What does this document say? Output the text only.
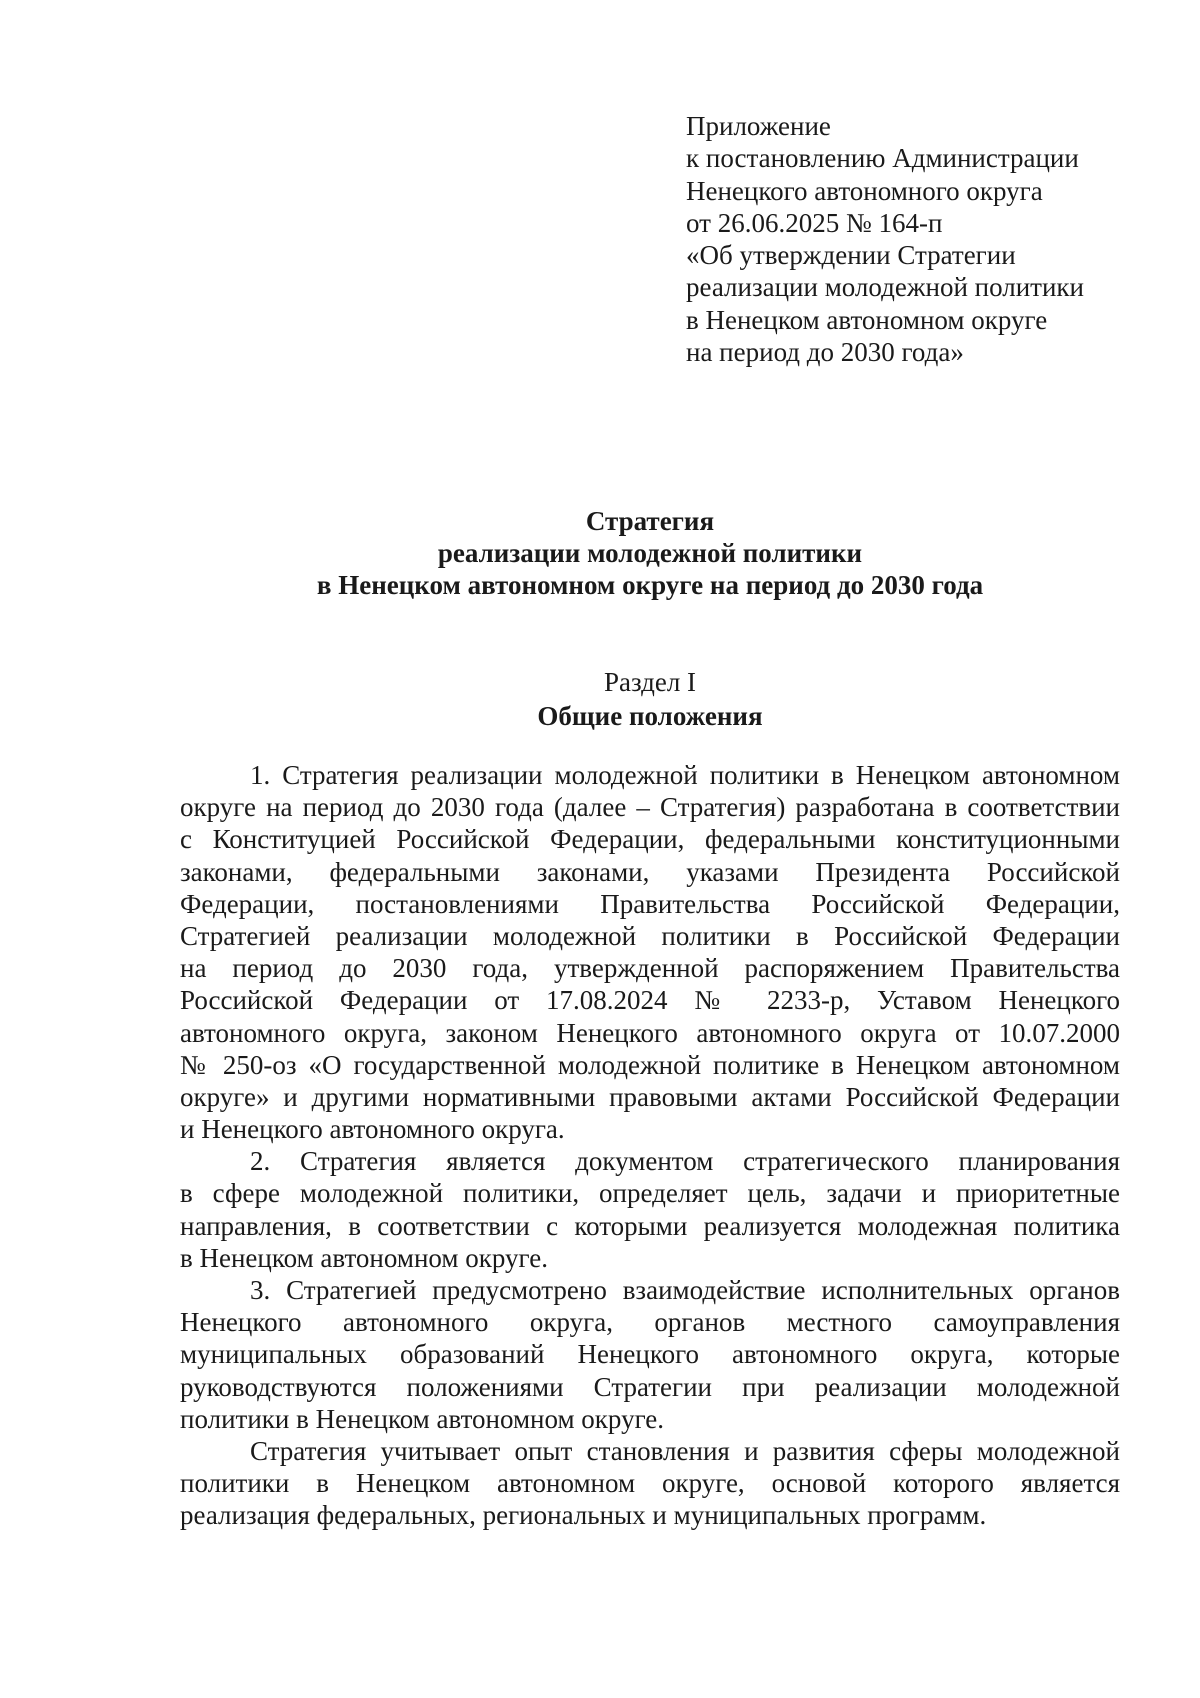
Приложение
к постановлению Администрации
Ненецкого автономного округа
от 26.06.2025 № 164-п
«Об утверждении Стратегии
реализации молодежной политики
в Ненецком автономном округе
на период до 2030 года»
Стратегия
реализации молодежной политики
в Ненецком автономном округе на период до 2030 года
Раздел I
Общие положения
1. Стратегия реализации молодежной политики в Ненецком автономном
округе на период до 2030 года (далее – Стратегия) разработана в соответствии
с Конституцией Российской Федерации, федеральными конституционными
законами, федеральными законами, указами Президента Российской
Федерации, постановлениями Правительства Российской Федерации,
Стратегией реализации молодежной политики в Российской Федерации
на период до 2030 года, утвержденной распоряжением Правительства
Российской Федерации от 17.08.2024 № 2233-р, Уставом Ненецкого
автономного округа, законом Ненецкого автономного округа от 10.07.2000
№ 250-оз «О государственной молодежной политике в Ненецком автономном
округе» и другими нормативными правовыми актами Российской Федерации
и Ненецкого автономного округа.
2. Стратегия является документом стратегического планирования
в сфере молодежной политики, определяет цель, задачи и приоритетные
направления, в соответствии с которыми реализуется молодежная политика
в Ненецком автономном округе.
3. Стратегией предусмотрено взаимодействие исполнительных органов
Ненецкого автономного округа, органов местного самоуправления
муниципальных образований Ненецкого автономного округа, которые
руководствуются положениями Стратегии при реализации молодежной
политики в Ненецком автономном округе.
Стратегия учитывает опыт становления и развития сферы молодежной
политики в Ненецком автономном округе, основой которого является
реализация федеральных, региональных и муниципальных программ.
